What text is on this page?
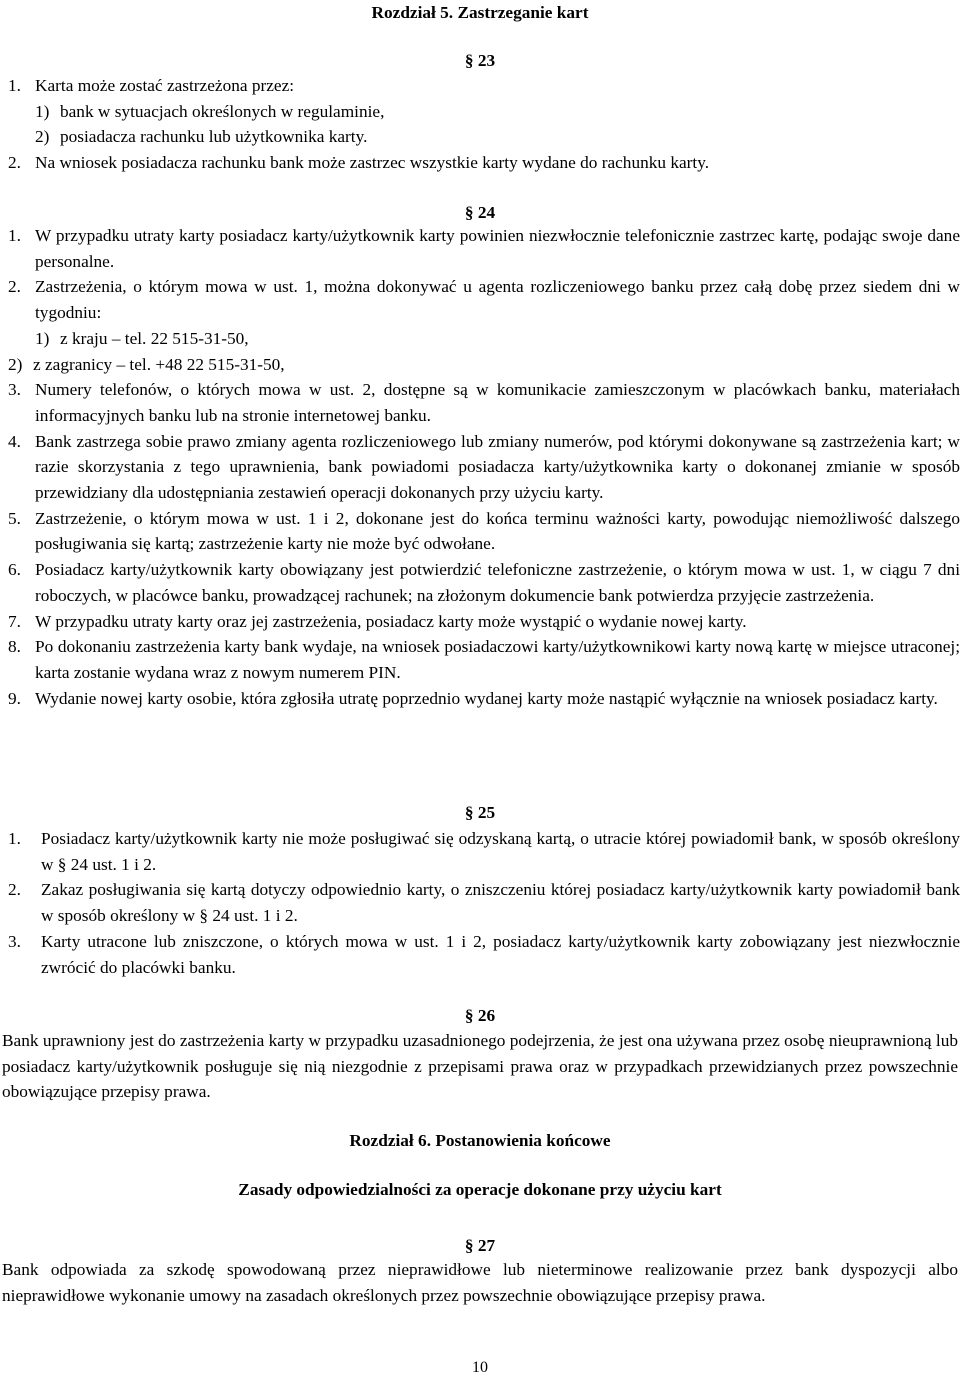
Rozdział 5. Zastrzeganie kart
§ 23
1. Karta może zostać zastrzeżona przez:
1) bank w sytuacjach określonych w regulaminie,
2) posiadacza rachunku lub użytkownika karty.
2. Na wniosek posiadacza rachunku bank może zastrzec wszystkie karty wydane do rachunku karty.
§ 24
1. W przypadku utraty karty posiadacz karty/użytkownik karty powinien niezwłocznie telefonicznie zastrzec kartę, podając swoje dane personalne.
2. Zastrzeżenia, o którym mowa w ust. 1, można dokonywać u agenta rozliczeniowego banku przez całą dobę przez siedem dni w tygodniu:
1) z kraju – tel. 22 515-31-50,
2) z zagranicy – tel. +48 22 515-31-50,
3. Numery telefonów, o których mowa w ust. 2, dostępne są w komunikacie zamieszczonym w placówkach banku, materiałach informacyjnych banku lub na stronie internetowej banku.
4. Bank zastrzega sobie prawo zmiany agenta rozliczeniowego lub zmiany numerów, pod którymi dokonywane są zastrzeżenia kart; w razie skorzystania z tego uprawnienia, bank powiadomi posiadacza karty/użytkownika karty o dokonanej zmianie w sposób przewidziany dla udostępniania zestawień operacji dokonanych przy użyciu karty.
5. Zastrzeżenie, o którym mowa w ust. 1 i 2, dokonane jest do końca terminu ważności karty, powodując niemożliwość dalszego posługiwania się kartą; zastrzeżenie karty nie może być odwołane.
6. Posiadacz karty/użytkownik karty obowiązany jest potwierdzić telefoniczne zastrzeżenie, o którym mowa w ust. 1, w ciągu 7 dni roboczych, w placówce banku, prowadzącej rachunek; na złożonym dokumencie bank potwierdza przyjęcie zastrzeżenia.
7. W przypadku utraty karty oraz jej zastrzeżenia, posiadacz karty może wystąpić o wydanie nowej karty.
8. Po dokonaniu zastrzeżenia karty bank wydaje, na wniosek posiadaczowi karty/użytkownikowi karty nową kartę w miejsce utraconej; karta zostanie wydana wraz z nowym numerem PIN.
9. Wydanie nowej karty osobie, która zgłosiła utratę poprzednio wydanej karty może nastąpić wyłącznie na wniosek posiadacz karty.
§ 25
1. Posiadacz karty/użytkownik karty nie może posługiwać się odzyskaną kartą, o utracie której powiadomił bank, w sposób określony w § 24 ust. 1 i 2.
2. Zakaz posługiwania się kartą dotyczy odpowiednio karty, o zniszczeniu której posiadacz karty/użytkownik karty powiadomił bank w sposób określony w § 24 ust. 1 i 2.
3. Karty utracone lub zniszczone, o których mowa w ust. 1 i 2, posiadacz karty/użytkownik karty zobowiązany jest niezwłocznie zwrócić do placówki banku.
§ 26

Bank uprawniony jest do zastrzeżenia karty w przypadku uzasadnionego podejrzenia, że jest ona używana przez osobę nieuprawnioną lub posiadacz karty/użytkownik posługuje się nią niezgodnie z przepisami prawa oraz w przypadkach przewidzianych przez powszechnie obowiązujące przepisy prawa.

Rozdział 6. Postanowienia końcowe
Zasady odpowiedzialności za operacje dokonane przy użyciu kart
§ 27

Bank odpowiada za szkodę spowodowaną przez nieprawidłowe lub nieterminowe realizowanie przez bank dyspozycji albo nieprawidłowe wykonanie umowy na zasadach określonych przez powszechnie obowiązujące przepisy prawa.

10
